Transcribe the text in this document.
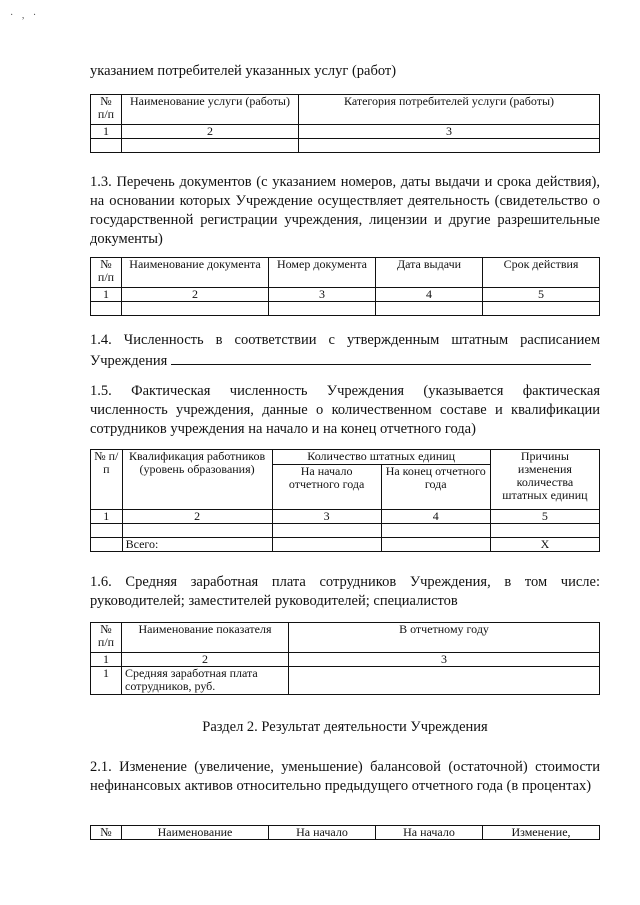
· , ·
указанием потребителей указанных услуг (работ)
№ п/п	Наименование услуги (работы)	Категория потребителей услуги (работы)
1	2	3

1.3. Перечень документов (с указанием номеров, даты выдачи и срока действия), на основании которых Учреждение осуществляет деятельность (свидетельство о государственной регистрации учреждения, лицензии и другие разрешительные документы)
№ п/п	Наименование документа	Номер документа	Дата выдачи	Срок действия
1	2	3	4	5

1.4. Численность в соответствии с утвержденным штатным расписанием
Учреждения
1.5. Фактическая численность Учреждения (указывается фактическая численность учреждения, данные о количественном составе и квалификации сотрудников учреждения на начало и на конец отчетного года)
№ п/п	Квалификация работников (уровень образования)	Количество штатных единиц		Причины изменения количества штатных единиц
		На начало отчетного года	На конец отчетного года	
1	2	3	4	5

	Всего:			X
1.6. Средняя заработная плата сотрудников Учреждения, в том числе: руководителей; заместителей руководителей; специалистов
№ п/п	Наименование показателя	В отчетному году
1	2	3
1	Средняя заработная плата сотрудников, руб.	
Раздел 2. Результат деятельности Учреждения
2.1. Изменение (увеличение, уменьшение) балансовой (остаточной) стоимости нефинансовых активов относительно предыдущего отчетного года (в процентах)
№	Наименование	На начало	На начало	Изменение,
